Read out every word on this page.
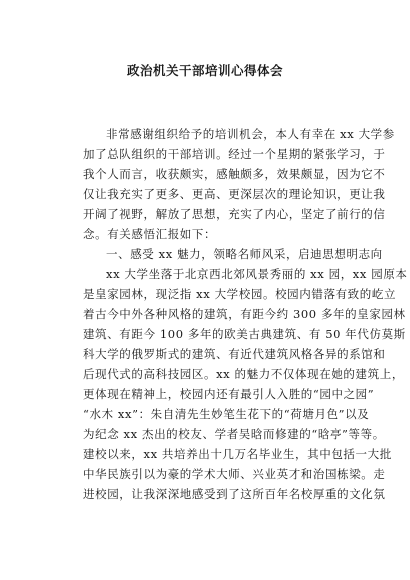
政治机关干部培训心得体会
非常感谢组织给予的培训机会，本人有幸在 xx 大学参
加了总队组织的干部培训。经过一个星期的紧张学习，于
我个人而言，收获颇实，感触颇多，效果颇显，因为它不
仅让我充实了更多、更高、更深层次的理论知识，更让我
开阔了视野，解放了思想，充实了内心，坚定了前行的信
念。有关感悟汇报如下：
一、感受 xx 魅力，领略名师风采，启迪思想明志向
xx 大学坐落于北京西北郊风景秀丽的 xx 园，xx 园原本
是皇家园林，现泛指 xx 大学校园。校园内错落有致的屹立
着古今中外各种风格的建筑，有距今约 300 多年的皇家园林
建筑、有距今 100 多年的欧美古典建筑、有 50 年代仿莫斯
科大学的俄罗斯式的建筑、有近代建筑风格各异的系馆和
后现代式的高科技园区。xx 的魅力不仅体现在她的建筑上，
更体现在精神上，校园内还有最引人入胜的“园中之园”
“水木 xx”：朱自清先生妙笔生花下的“荷塘月色”以及
为纪念 xx 杰出的校友、学者吴晗而修建的“晗亭”等等。
建校以来，xx 共培养出十几万名毕业生，其中包括一大批
中华民族引以为豪的学术大师、兴业英才和治国栋梁。走
进校园，让我深深地感受到了这所百年名校厚重的文化氛
